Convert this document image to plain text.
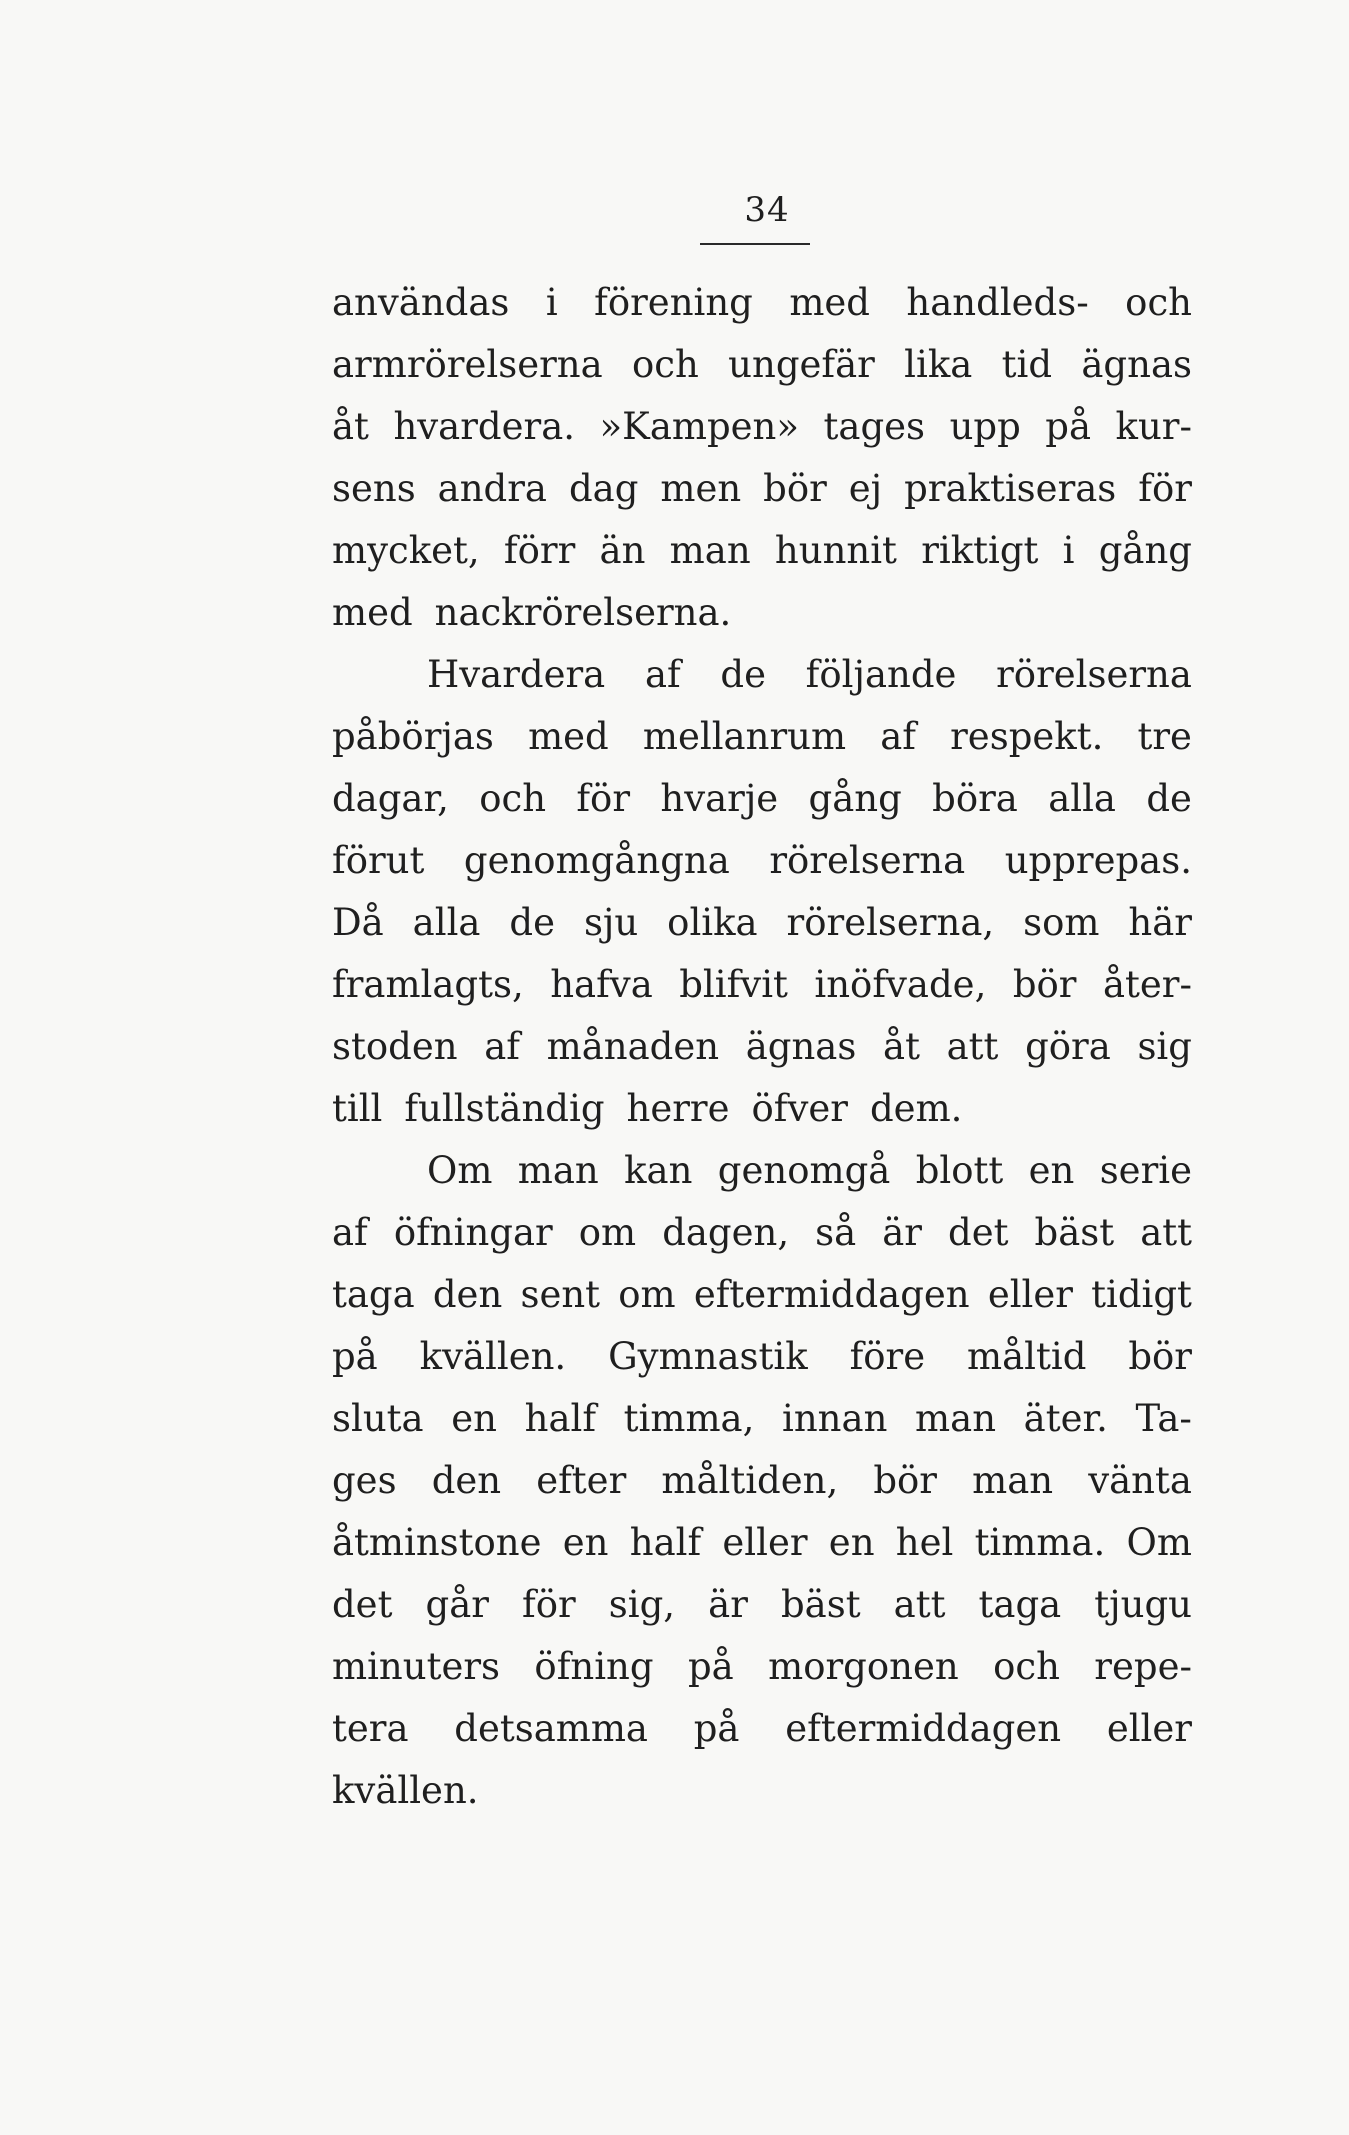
34
användas i förening med handleds- och
armrörelserna och ungefär lika tid ägnas
åt hvardera. »Kampen» tages upp på kur-
sens andra dag men bör ej praktiseras för
mycket, förr än man hunnit riktigt i gång
med nackrörelserna.
Hvardera af de följande rörelserna
påbörjas med mellanrum af respekt. tre
dagar, och för hvarje gång böra alla de
förut genomgångna rörelserna upprepas.
Då alla de sju olika rörelserna, som här
framlagts, hafva blifvit inöfvade, bör åter-
stoden af månaden ägnas åt att göra sig
till fullständig herre öfver dem.
Om man kan genomgå blott en serie
af öfningar om dagen, så är det bäst att
taga den sent om eftermiddagen eller tidigt
på kvällen. Gymnastik före måltid bör
sluta en half timma, innan man äter. Ta-
ges den efter måltiden, bör man vänta
åtminstone en half eller en hel timma. Om
det går för sig, är bäst att taga tjugu
minuters öfning på morgonen och repe-
tera detsamma på eftermiddagen eller
kvällen.
